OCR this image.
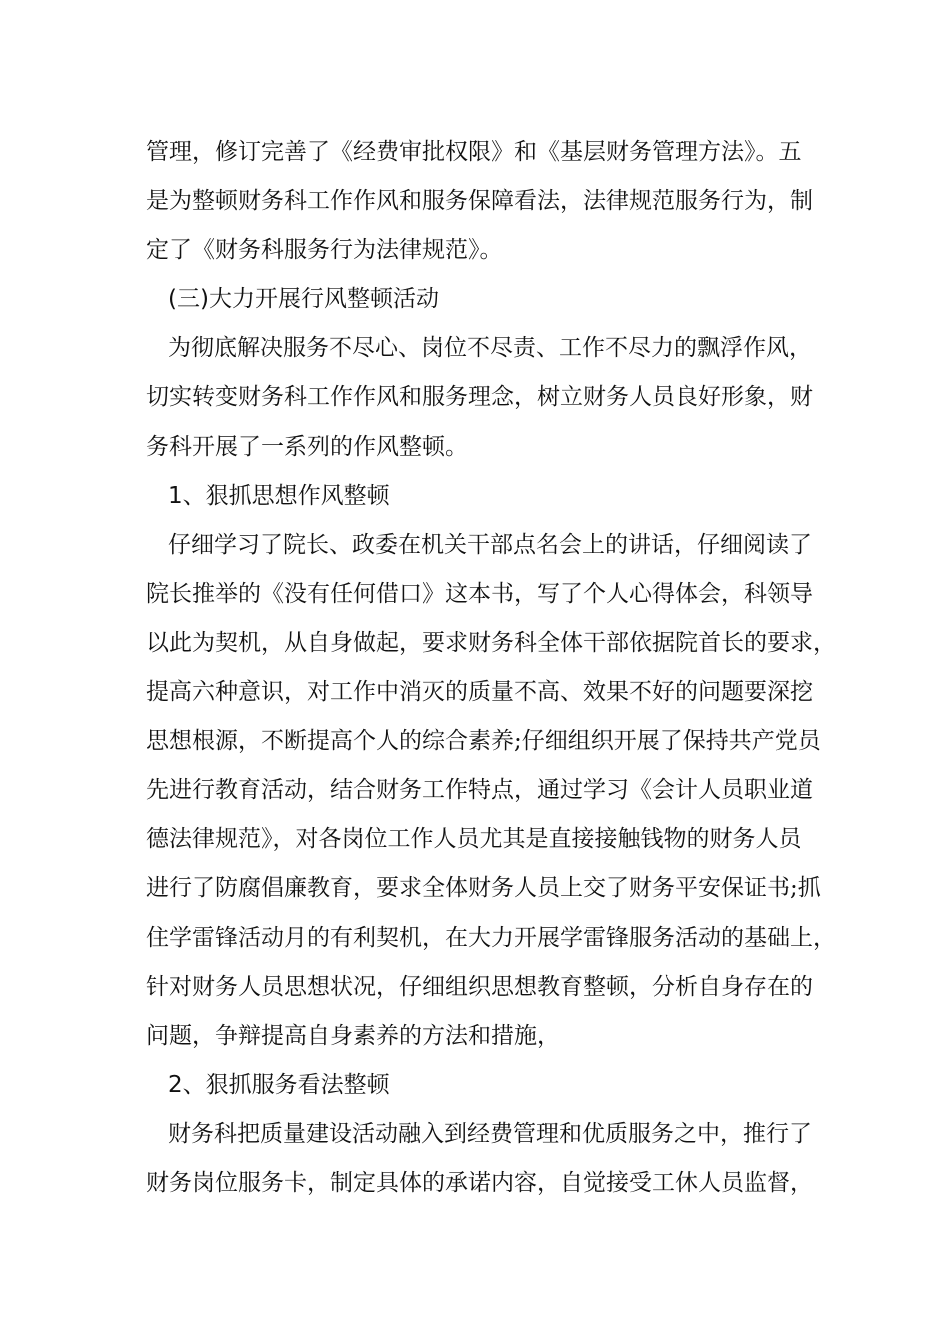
管理，修订完善了《经费审批权限》和《基层财务管理方法》。五

是为整顿财务科工作作风和服务保障看法，法律规范服务行为，制

定了《财务科服务行为法律规范》。

(三)大力开展行风整顿活动

为彻底解决服务不尽心、岗位不尽责、工作不尽力的飘浮作风，

切实转变财务科工作作风和服务理念，树立财务人员良好形象，财

务科开展了一系列的作风整顿。

1、狠抓思想作风整顿

仔细学习了院长、政委在机关干部点名会上的讲话，仔细阅读了

院长推举的《没有任何借口》这本书，写了个人心得体会，科领导

以此为契机，从自身做起，要求财务科全体干部依据院首长的要求，

提高六种意识，对工作中消灭的质量不高、效果不好的问题要深挖

思想根源，不断提高个人的综合素养;仔细组织开展了保持共产党员

先进行教育活动，结合财务工作特点，通过学习《会计人员职业道

德法律规范》，对各岗位工作人员尤其是直接接触钱物的财务人员

进行了防腐倡廉教育，要求全体财务人员上交了财务平安保证书;抓

住学雷锋活动月的有利契机，在大力开展学雷锋服务活动的基础上，

针对财务人员思想状况，仔细组织思想教育整顿，分析自身存在的

问题，争辩提高自身素养的方法和措施，

2、狠抓服务看法整顿

财务科把质量建设活动融入到经费管理和优质服务之中，推行了

财务岗位服务卡，制定具体的承诺内容，自觉接受工休人员监督，
